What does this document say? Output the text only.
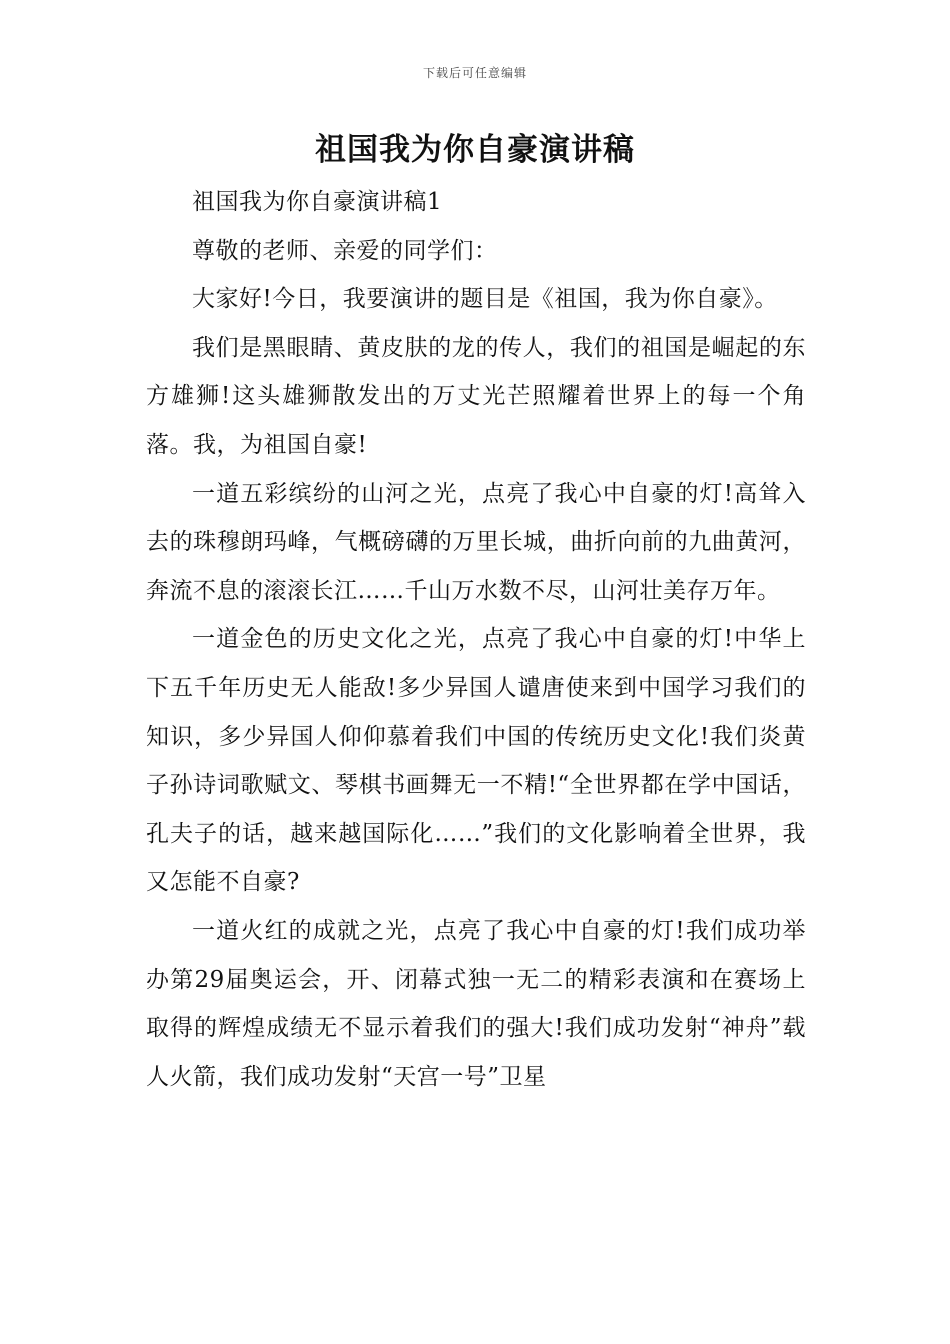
下载后可任意编辑
祖国我为你自豪演讲稿

祖国我为你自豪演讲稿1

尊敬的老师、亲爱的同学们：

大家好!今日，我要演讲的题目是《祖国，我为你自豪》。

我们是黑眼睛、黄皮肤的龙的传人，我们的祖国是崛起的东方雄狮!这头雄狮散发出的万丈光芒照耀着世界上的每一个角落。我，为祖国自豪!

一道五彩缤纷的山河之光，点亮了我心中自豪的灯!高耸入去的珠穆朗玛峰，气概磅礴的万里长城，曲折向前的九曲黄河，奔流不息的滚滚长江……千山万水数不尽，山河壮美存万年。

一道金色的历史文化之光，点亮了我心中自豪的灯!中华上下五千年历史无人能敌!多少异国人谴唐使来到中国学习我们的知识，多少异国人仰仰慕着我们中国的传统历史文化!我们炎黄子孙诗词歌赋文、琴棋书画舞无一不精!“全世界都在学中国话，孔夫子的话，越来越国际化……”我们的文化影响着全世界，我又怎能不自豪?

一道火红的成就之光，点亮了我心中自豪的灯!我们成功举办第29届奥运会，开、闭幕式独一无二的精彩表演和在赛场上取得的辉煌成绩无不显示着我们的强大!我们成功发射“神舟”载人火箭，我们成功发射“天宫一号”卫星
